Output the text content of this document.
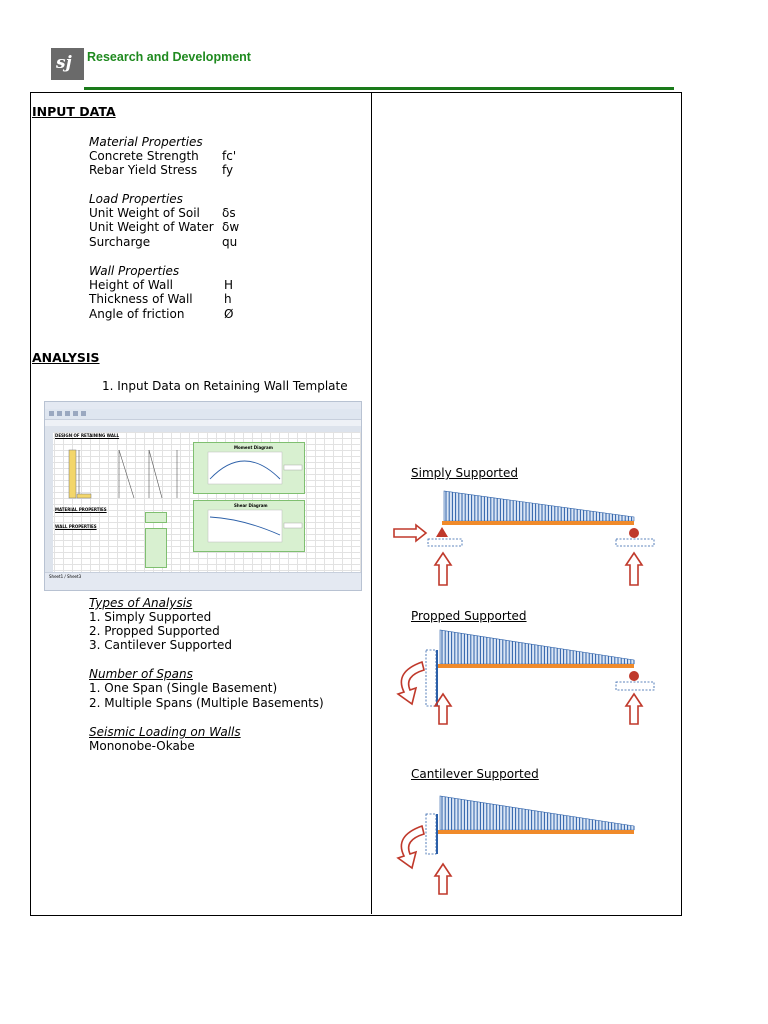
sj Research and Development
INPUT DATA
Material Properties
Concrete Strength fc'
Rebar Yield Stress fy
Load Properties
Unit Weight of Soil δs
Unit Weight of Water δw
Surcharge	qu
Wall Properties
Height of Wall	H
Thickness of Wall	h
Angle of friction	Ø
ANALYSIS
1. Input Data on Retaining Wall Template
DESIGN OF RETAINING WALL
Moment Diagram
Shear Diagram
MATERIAL PROPERTIES
WALL PROPERTIES
Sheet1 / Sheet3
Types of Analysis
1. Simply Supported
2. Propped Supported
3. Cantilever Supported
Number of Spans
1. One Span (Single Basement)
2. Multiple Spans (Multiple Basements)
Seismic Loading on Walls
Mononobe-Okabe
Simply Supported
Propped Supported
Cantilever Supported
